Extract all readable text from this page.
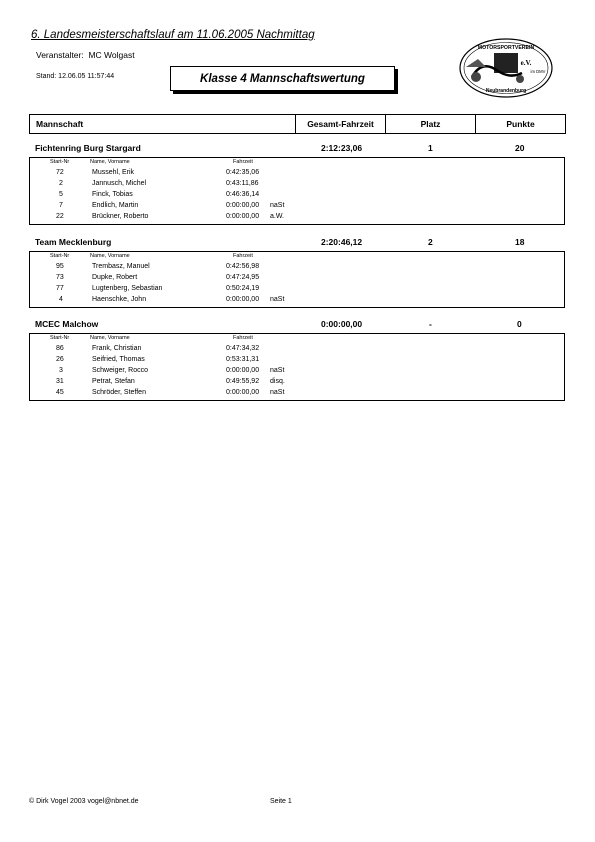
6. Landesmeisterschaftslauf am 11.06.2005 Nachmittag
Veranstalter: MC Wolgast
Stand: 12.06.05 11:57:44	Klasse 4 Mannschaftswertung
MOTORSPORTVEREIN
Neubrandenburg
im DMV
e.V.
Mannschaft	Gesamt-Fahrzeit	Platz	Punkte
Fichtenring Burg Stargard	2:12:23,06	1	20
Start-Nr	Name, Vorname	Fahrzeit
72	Mussehl, Erik	0:42:35,06
2	Jannusch, Michel	0:43:11,86
5	Finck, Tobias	0:46:36,14
7	Endlich, Martin	0:00:00,00 naSt
22	Brückner, Roberto	0:00:00,00 a.W.
Team Mecklenburg	2:20:46,12	2	18
Start-Nr	Name, Vorname	Fahrzeit
95	Trembasz, Manuel	0:42:56,98
73	Dupke, Robert	0:47:24,95
77	Lugtenberg, Sebastian	0:50:24,19
4	Haenschke, John	0:00:00,00 naSt
MCEC Malchow	0:00:00,00	-	0
Start-Nr	Name, Vorname	Fahrzeit
86	Frank, Christian	0:47:34,32
26	Seifried, Thomas	0:53:31,31
3	Schweiger, Rocco	0:00:00,00 naSt
31	Petrat, Stefan	0:49:55,92 disq.
45	Schröder, Steffen	0:00:00,00 naSt
© Dirk Vogel 2003 vogel@nbnet.de	Seite 1
